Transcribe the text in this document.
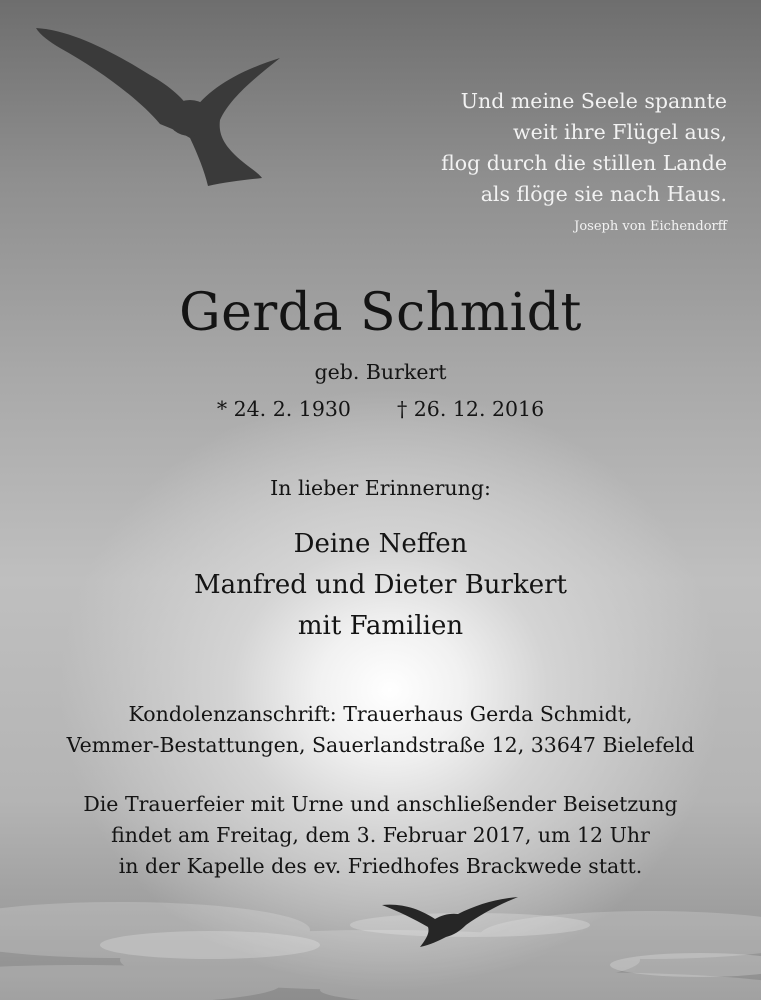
Und meine Seele spannte
weit ihre Flügel aus,
flog durch die stillen Lande
als flöge sie nach Haus.
Joseph von Eichendorff
Gerda Schmidt
geb. Burkert
* 24. 2. 1930 † 26. 12. 2016
In lieber Erinnerung:
Deine Neffen
Manfred und Dieter Burkert
mit Familien
Kondolenzanschrift: Trauerhaus Gerda Schmidt,
Vemmer-Bestattungen, Sauerlandstraße 12, 33647 Bielefeld
Die Trauerfeier mit Urne und anschließender Beisetzung
findet am Freitag, dem 3. Februar 2017, um 12 Uhr
in der Kapelle des ev. Friedhofes Brackwede statt.
